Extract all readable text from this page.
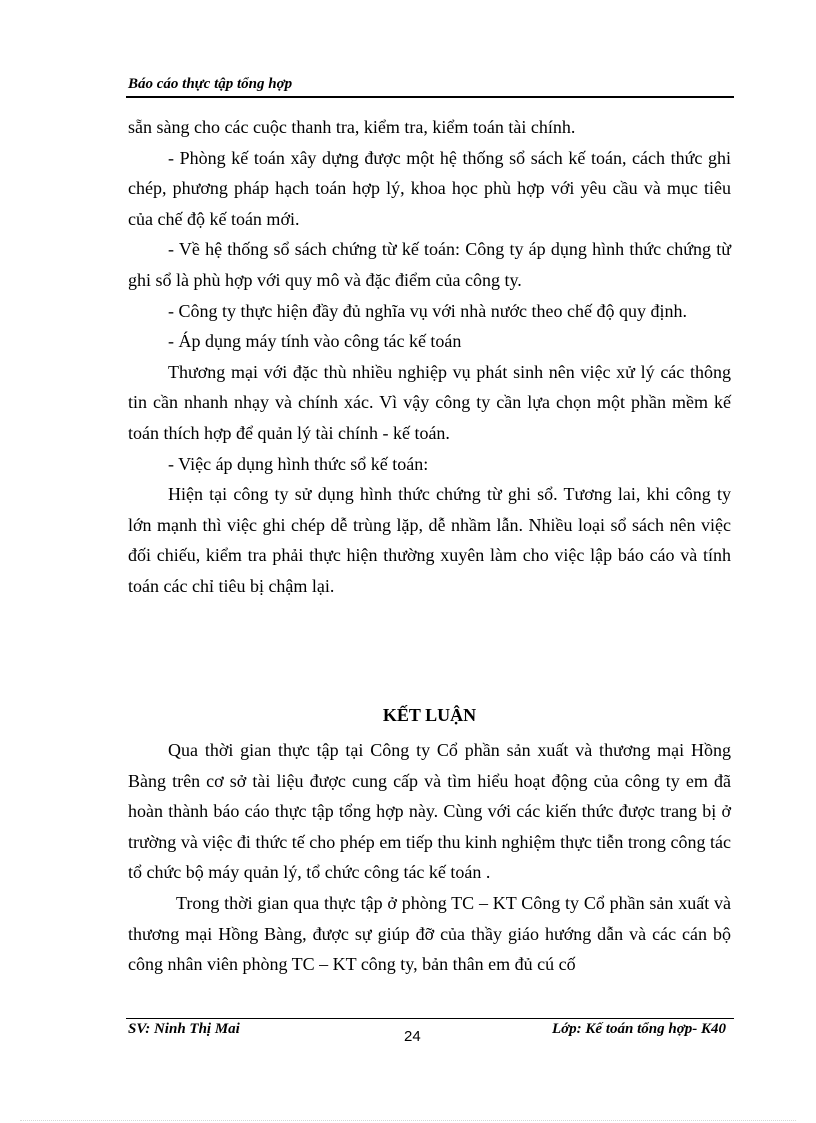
Báo cáo thực tập tổng hợp

sẵn sàng cho các cuộc thanh tra, kiểm tra, kiểm toán tài chính.

- Phòng kế toán xây dựng được một hệ thống sổ sách kế toán, cách thức ghi chép, phương pháp hạch toán hợp lý, khoa học phù hợp với yêu cầu và mục tiêu của chế độ kế toán mới.

- Về hệ thống sổ sách chứng từ kế toán: Công ty áp dụng hình thức chứng từ ghi sổ là phù hợp với quy mô và đặc điểm của công ty.

- Công ty thực hiện đầy đủ nghĩa vụ với nhà nước theo chế độ quy định.

- Áp dụng máy tính vào công tác kế toán

Thương mại với đặc thù nhiều nghiệp vụ phát sinh nên việc xử lý các thông tin cần nhanh nhạy và chính xác. Vì vậy công ty cần lựa chọn một phần mềm kế toán thích hợp để quản lý tài chính - kế toán.

- Việc áp dụng hình thức sổ kế toán:

Hiện tại công ty sử dụng hình thức chứng từ ghi sổ. Tương lai, khi công ty lớn mạnh thì việc ghi chép dễ trùng lặp, dễ nhầm lẫn. Nhiều loại sổ sách nên việc đối chiếu, kiểm tra phải thực hiện thường xuyên làm cho việc lập báo cáo và tính toán các chỉ tiêu bị chậm lại.

KẾT LUẬN

Qua thời gian thực tập tại Công ty Cổ phần sản xuất và thương mại Hồng Bàng trên cơ sở tài liệu được cung cấp và tìm hiểu hoạt động của công ty em đã hoàn thành báo cáo thực tập tổng hợp này. Cùng với các kiến thức được trang bị ở trường và việc đi thức tế cho phép em tiếp thu kinh nghiệm thực tiễn trong công tác tổ chức bộ máy quản lý, tổ chức công tác kế toán .

Trong thời gian qua thực tập ở phòng TC – KT Công ty Cổ phần sản xuất và thương mại Hồng Bàng, được sự giúp đỡ của thầy giáo hướng dẫn và các cán bộ công nhân viên phòng TC – KT công ty, bản thân em đủ cú cố

SV: Ninh Thị Mai	24	Lớp: Kế toán tổng hợp- K40
